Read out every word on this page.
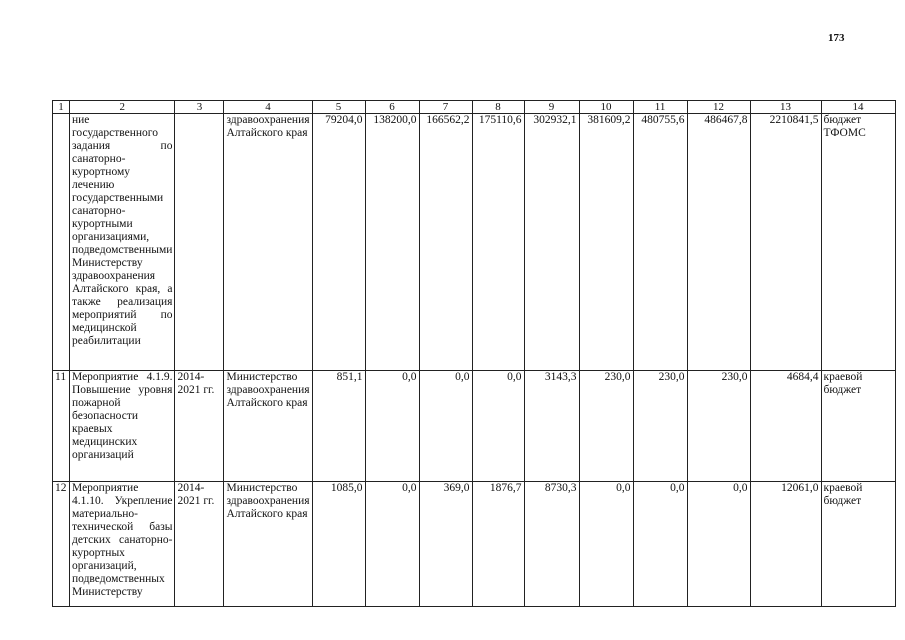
173
1	2	3	4	5	6	7	8	9	10	11	12	13	14
	ние государственного задания по санаторно-курортному лечению государственными санаторно-курортными организациями, подведомственными Министерству здравоохранения Алтайского края, а также реализация мероприятий по медицинской реабилитации		здравоохранения Алтайского края	79204,0	138200,0	166562,2	175110,6	302932,1	381609,2	480755,6	486467,8	2210841,5	бюджет ТФОМС
11	Мероприятие 4.1.9. Повышение уровня пожарной безопасности краевых медицинских организаций	2014-2021 гг.	Министерство здравоохранения Алтайского края	851,1	0,0	0,0	0,0	3143,3	230,0	230,0	230,0	4684,4	краевой бюджет
12	Мероприятие 4.1.10. Укрепление материально-технической базы детских санаторно-курортных организаций, подведомственных Министерству	2014-2021 гг.	Министерство здравоохранения Алтайского края	1085,0	0,0	369,0	1876,7	8730,3	0,0	0,0	0,0	12061,0	краевой бюджет
